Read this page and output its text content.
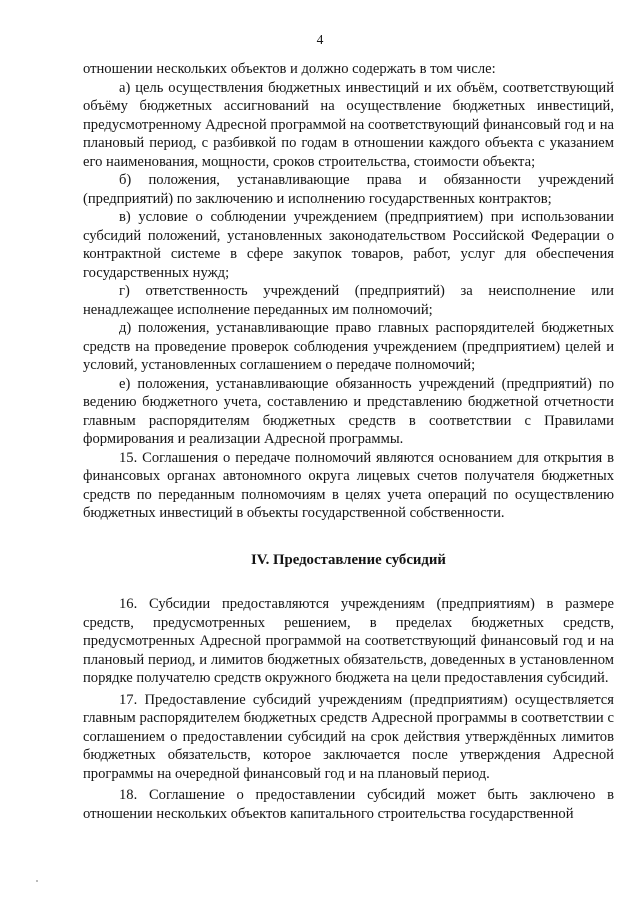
4

отношении нескольких объектов и должно содержать в том числе:

а) цель осуществления бюджетных инвестиций и их объём, соответствующий объёму бюджетных ассигнований на осуществление бюджетных инвестиций, предусмотренному Адресной программой на соответствующий финансовый год и на плановый период, с разбивкой по годам в отношении каждого объекта с указанием его наименования, мощности, сроков строительства, стоимости объекта;

б) положения, устанавливающие права и обязанности учреждений (предприятий) по заключению и исполнению государственных контрактов;

в) условие о соблюдении учреждением (предприятием) при использовании субсидий положений, установленных законодательством Российской Федерации о контрактной системе в сфере закупок товаров, работ, услуг для обеспечения государственных нужд;

г) ответственность учреждений (предприятий) за неисполнение или ненадлежащее исполнение переданных им полномочий;

д) положения, устанавливающие право главных распорядителей бюджетных средств на проведение проверок соблюдения учреждением (предприятием) целей и условий, установленных соглашением о передаче полномочий;

е) положения, устанавливающие обязанность учреждений (предприятий) по ведению бюджетного учета, составлению и представлению бюджетной отчетности главным распорядителям бюджетных средств в соответствии с Правилами формирования и реализации Адресной программы.

15. Соглашения о передаче полномочий являются основанием для открытия в финансовых органах автономного округа лицевых счетов получателя бюджетных средств по переданным полномочиям в целях учета операций по осуществлению бюджетных инвестиций в объекты государственной собственности.

IV. Предоставление субсидий

16. Субсидии предоставляются учреждениям (предприятиям) в размере средств, предусмотренных решением, в пределах бюджетных средств, предусмотренных Адресной программой на соответствующий финансовый год и на плановый период, и лимитов бюджетных обязательств, доведенных в установленном порядке получателю средств окружного бюджета на цели предоставления субсидий.

17. Предоставление субсидий учреждениям (предприятиям) осуществляется главным распорядителем бюджетных средств Адресной программы в соответствии с соглашением о предоставлении субсидий на срок действия утверждённых лимитов бюджетных обязательств, которое заключается после утверждения Адресной программы на очередной финансовый год и на плановый период.

18. Соглашение о предоставлении субсидий может быть заключено в отношении нескольких объектов капитального строительства государственной
